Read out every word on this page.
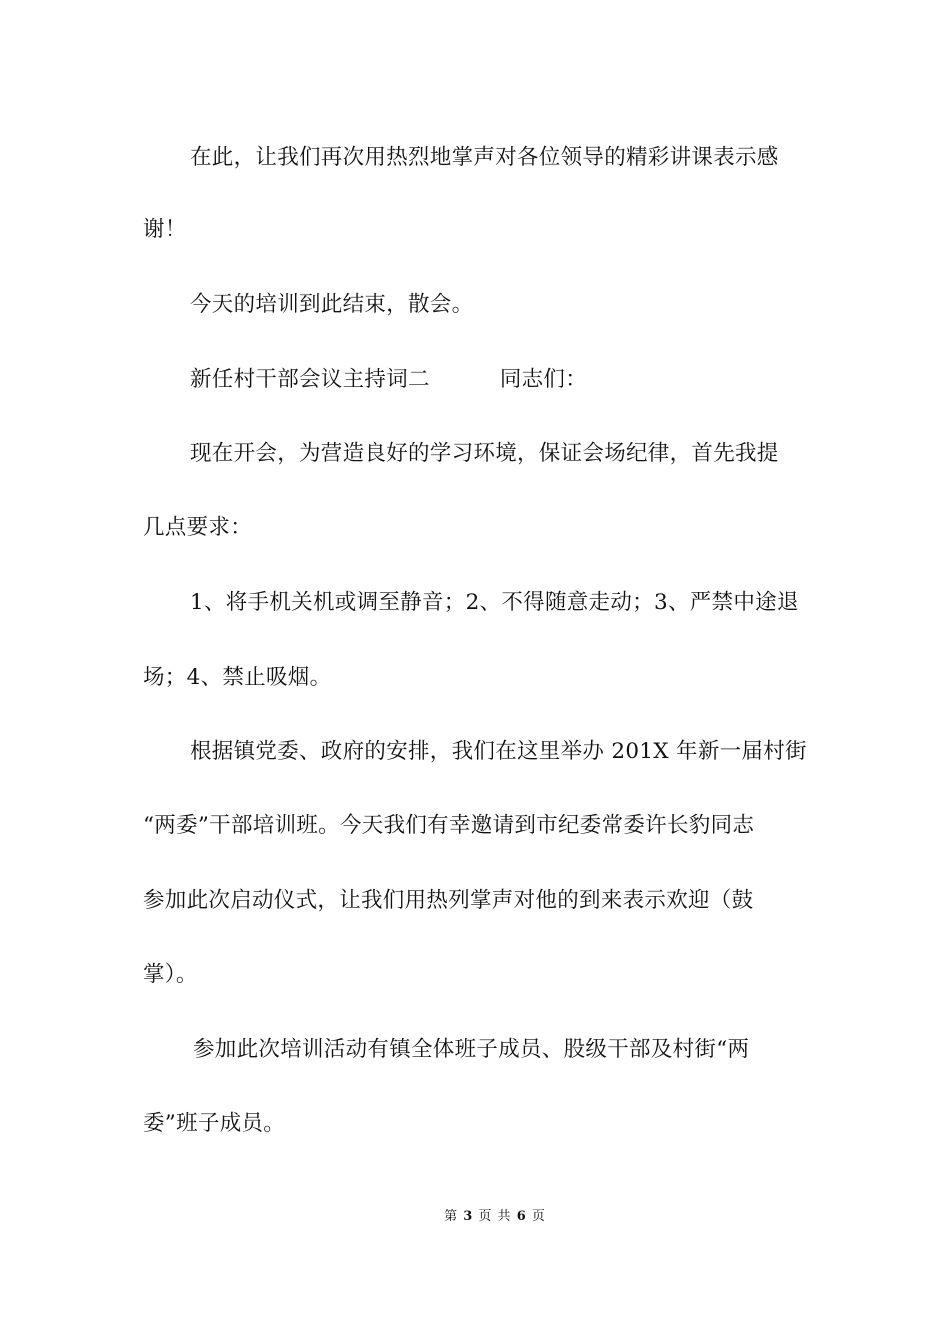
在此，让我们再次用热烈地掌声对各位领导的精彩讲课表示感
谢！
今天的培训到此结束，散会。
新任村干部会议主持词二	同志们：
现在开会，为营造良好的学习环境，保证会场纪律，首先我提
几点要求：
1、将手机关机或调至静音；2、不得随意走动；3、严禁中途退
场；4、禁止吸烟。
根据镇党委、政府的安排，我们在这里举办 201X 年新一届村街
“两委”干部培训班。今天我们有幸邀请到市纪委常委许长豹同志
参加此次启动仪式，让我们用热列掌声对他的到来表示欢迎（鼓
掌）。
参加此次培训活动有镇全体班子成员、股级干部及村街“两
委”班子成员。
第 3 页 共 6 页
